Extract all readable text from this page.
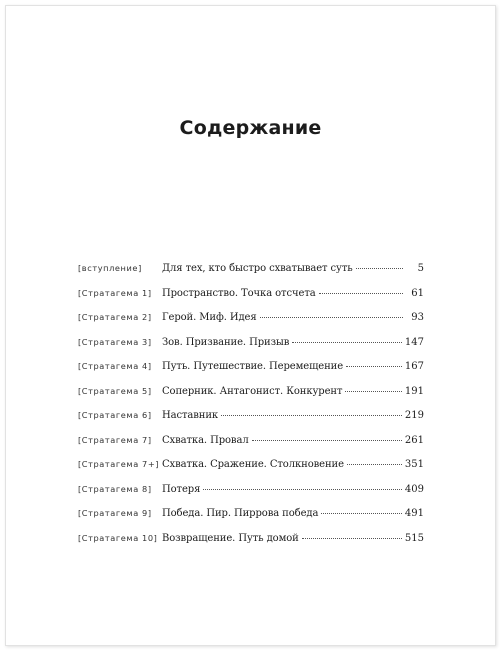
Содержание
[вступление]	Для тех, кто быстро схватывает суть	5
[Стратагема 1]	Пространство. Точка отсчета	61
[Стратагема 2]	Герой. Миф. Идея	93
[Стратагема 3]	Зов. Призвание. Призыв	147
[Стратагема 4]	Путь. Путешествие. Перемещение	167
[Стратагема 5]	Соперник. Антагонист. Конкурент	191
[Стратагема 6]	Наставник	219
[Стратагема 7]	Схватка. Провал	261
[Стратагема 7+] Схватка. Сражение. Столкновение	351
[Стратагема 8]	Потеря	409
[Стратагема 9]	Победа. Пир. Пиррова победа	491
[Стратагема 10] Возвращение. Путь домой	515
